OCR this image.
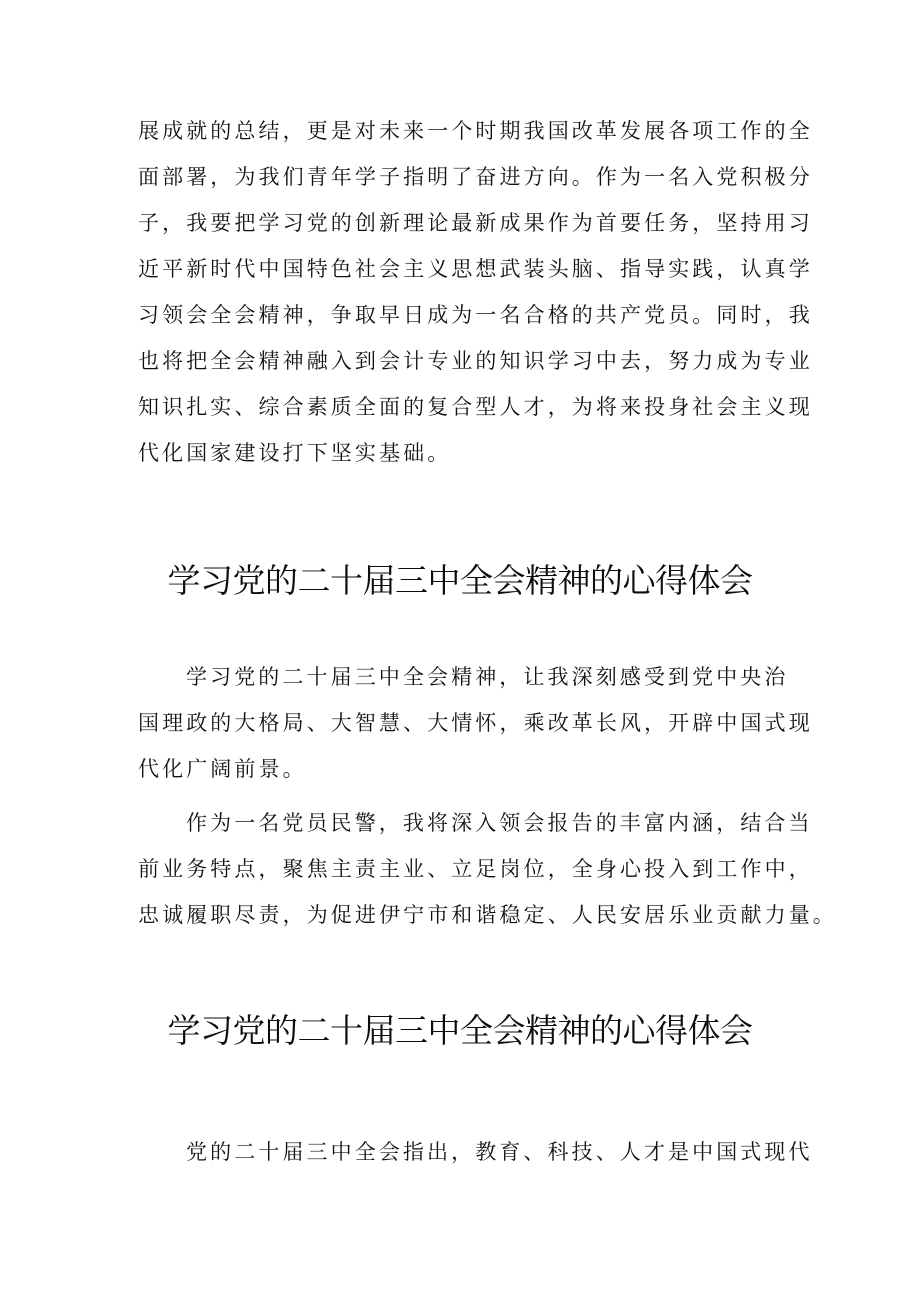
展成就的总结，更是对未来一个时期我国改革发展各项工作的全
面部署，为我们青年学子指明了奋进方向。作为一名入党积极分
子，我要把学习党的创新理论最新成果作为首要任务，坚持用习
近平新时代中国特色社会主义思想武装头脑、指导实践，认真学
习领会全会精神，争取早日成为一名合格的共产党员。同时，我
也将把全会精神融入到会计专业的知识学习中去，努力成为专业
知识扎实、综合素质全面的复合型人才，为将来投身社会主义现
代化国家建设打下坚实基础。
学习党的二十届三中全会精神的心得体会
学习党的二十届三中全会精神，让我深刻感受到党中央治
国理政的大格局、大智慧、大情怀，乘改革长风，开辟中国式现
代化广阔前景。
作为一名党员民警，我将深入领会报告的丰富内涵，结合当
前业务特点，聚焦主责主业、立足岗位，全身心投入到工作中，
忠诚履职尽责，为促进伊宁市和谐稳定、人民安居乐业贡献力量。
学习党的二十届三中全会精神的心得体会
党的二十届三中全会指出，教育、科技、人才是中国式现代
